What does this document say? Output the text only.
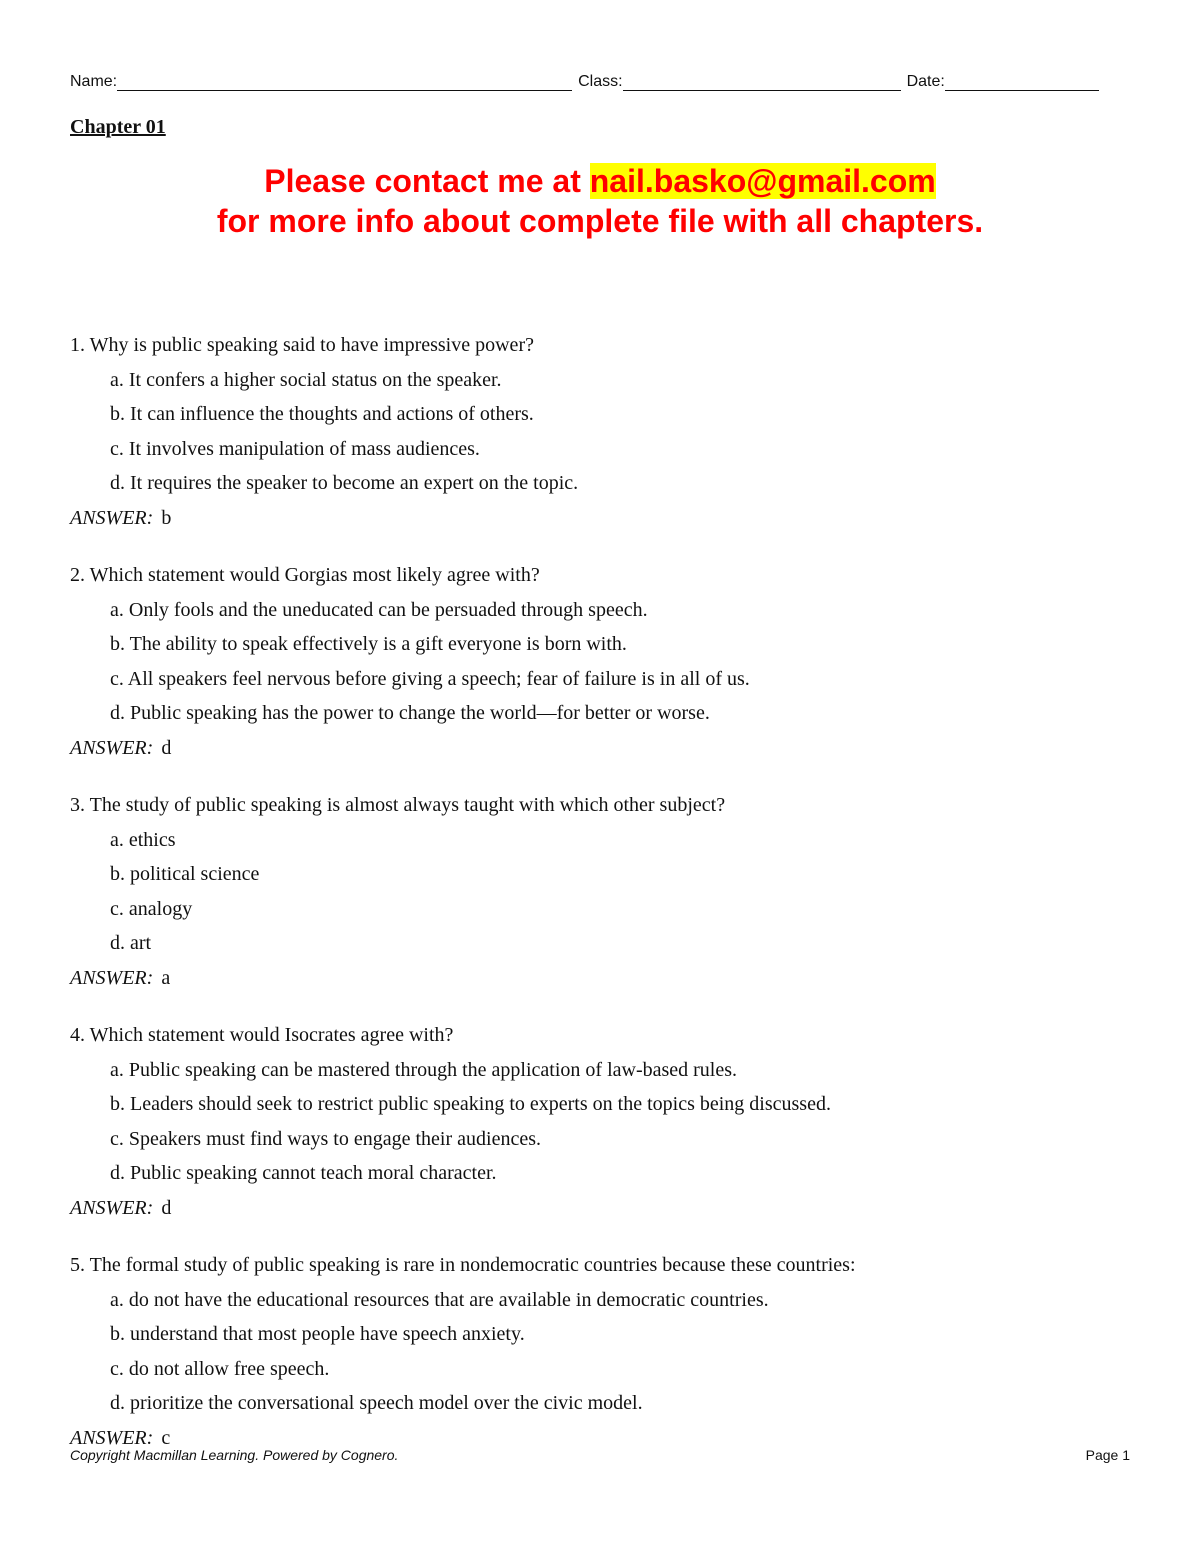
Name:	Class:	Date:
Chapter 01
Please contact me at nail.basko@gmail.com
for more info about complete file with all chapters.
1. Why is public speaking said to have impressive power?
a. It confers a higher social status on the speaker.
b. It can influence the thoughts and actions of others.
c. It involves manipulation of mass audiences.
d. It requires the speaker to become an expert on the topic.
ANSWER: b
2. Which statement would Gorgias most likely agree with?
a. Only fools and the uneducated can be persuaded through speech.
b. The ability to speak effectively is a gift everyone is born with.
c. All speakers feel nervous before giving a speech; fear of failure is in all of us.
d. Public speaking has the power to change the world—for better or worse.
ANSWER: d
3. The study of public speaking is almost always taught with which other subject?
a. ethics
b. political science
c. analogy
d. art
ANSWER: a
4. Which statement would Isocrates agree with?
a. Public speaking can be mastered through the application of law-based rules.
b. Leaders should seek to restrict public speaking to experts on the topics being discussed.
c. Speakers must find ways to engage their audiences.
d. Public speaking cannot teach moral character.
ANSWER: d
5. The formal study of public speaking is rare in nondemocratic countries because these countries:
a. do not have the educational resources that are available in democratic countries.
b. understand that most people have speech anxiety.
c. do not allow free speech.
d. prioritize the conversational speech model over the civic model.
ANSWER: c
Copyright Macmillan Learning. Powered by Cognero.	Page 1
